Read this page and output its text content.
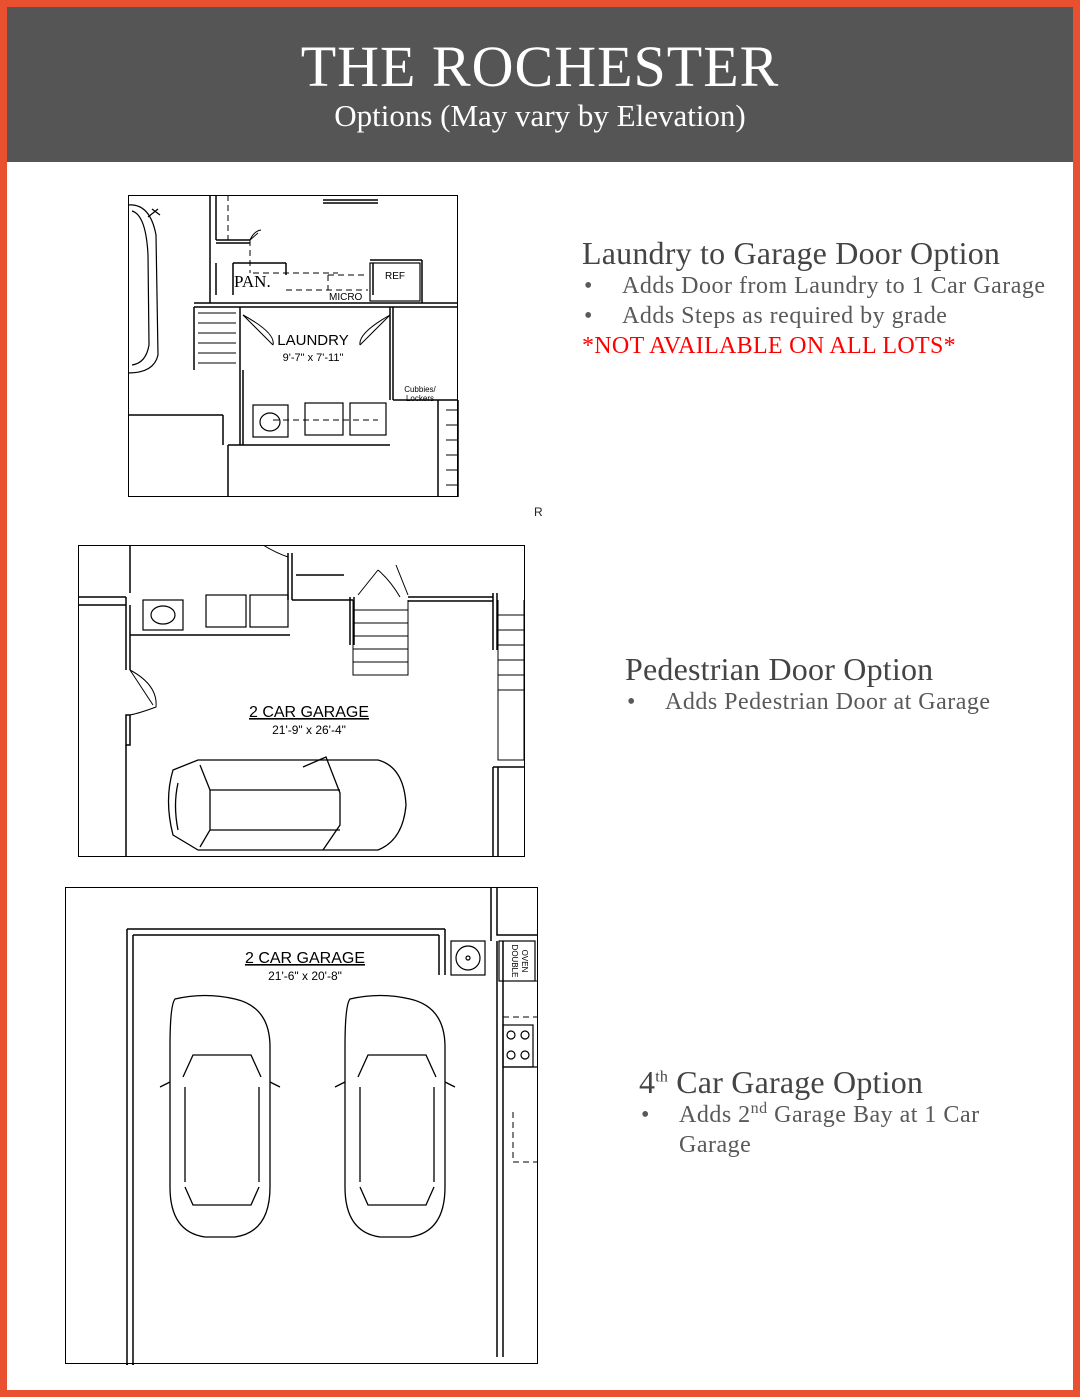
THE ROCHESTER
Options (May vary by Elevation)
PAN.	REF
MICRO
LAUNDRY
9'-7" x 7'-11"
Cubbies/
Lockers
R
2 CAR GARAGE
21'-9" x 26'-4"
2 CAR GARAGE
21'-6" x 20'-8"	DOUBLE OVEN
Laundry to Garage Door Option
• Adds Door from Laundry to 1 Car Garage
• Adds Steps as required by grade
*NOT AVAILABLE ON ALL LOTS*
Pedestrian Door Option
• Adds Pedestrian Door at Garage
4th Car Garage Option
• Adds 2nd Garage Bay at 1 Car Garage
